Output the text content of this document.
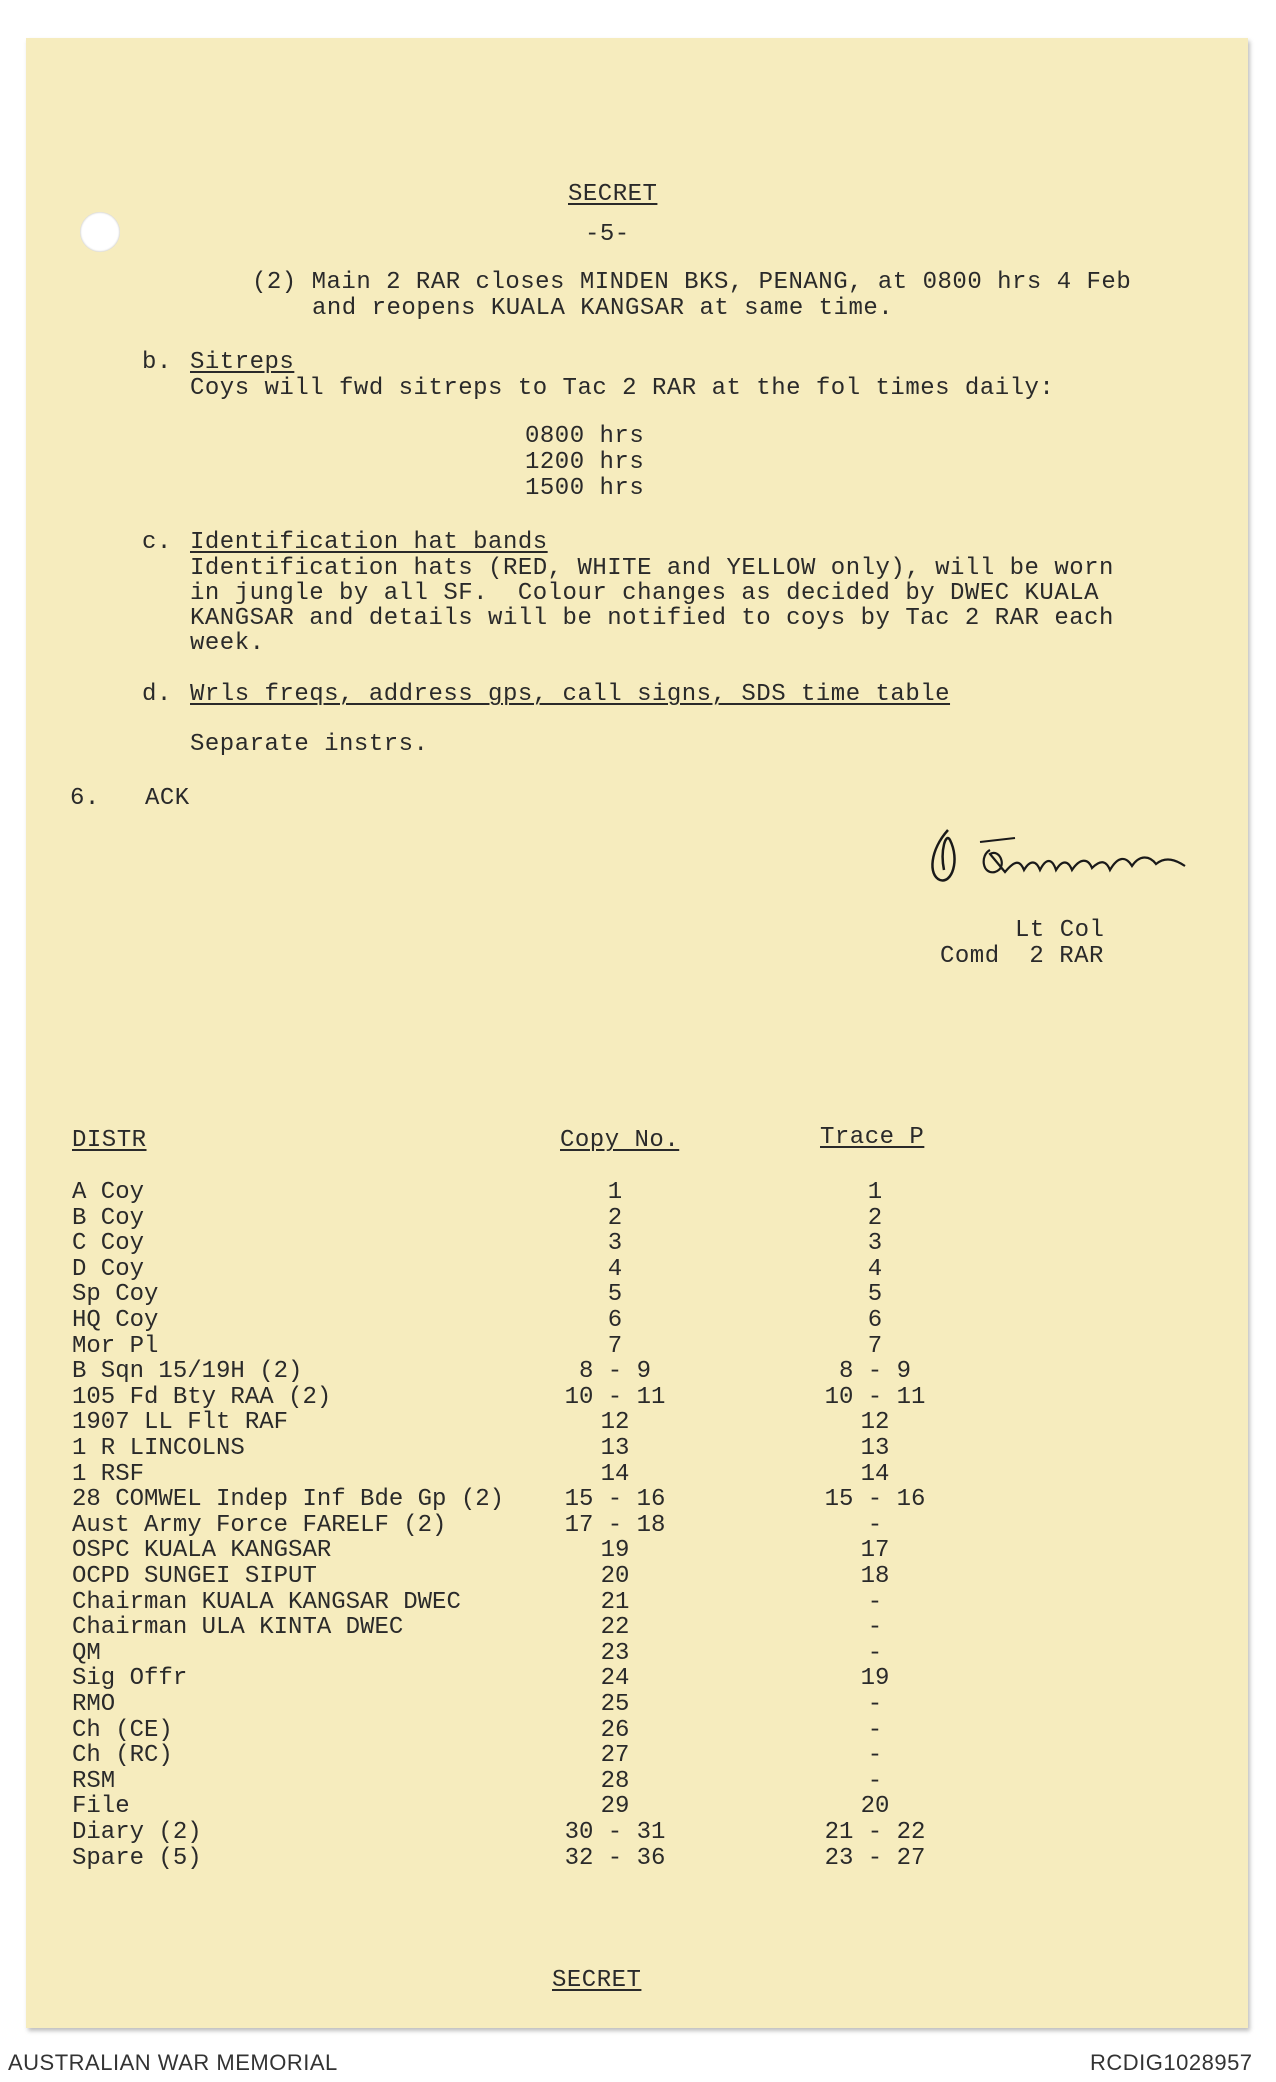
SECRET
-5-
(2) Main 2 RAR closes MINDEN BKS, PENANG, at 0800 hrs 4 Feb
and reopens KUALA KANGSAR at same time.
b. Sitreps
Coys will fwd sitreps to Tac 2 RAR at the fol times daily:
0800 hrs
1200 hrs
1500 hrs
c. Identification hat bands
Identification hats (RED, WHITE and YELLOW only), will be worn
in jungle by all SF.  Colour changes as decided by DWEC KUALA
KANGSAR and details will be notified to coys by Tac 2 RAR each
week.
d. Wrls freqs, address gps, call signs, SDS time table
Separate instrs.
6. ACK
Lt Col
Comd  2 RAR
DISTR	Copy No.	Trace P
A Coy	1	1
B Coy	2	2
C Coy	3	3
D Coy	4	4
Sp Coy	5	5
HQ Coy	6	6
Mor Pl	7	7
B Sqn 15/19H (2)	8 - 9	8 - 9
105 Fd Bty RAA (2)	10 - 11	10 - 11
1907 LL Flt RAF	12	12
1 R LINCOLNS	13	13
1 RSF	14	14
28 COMWEL Indep Inf Bde Gp (2)	15 - 16	15 - 16
Aust Army Force FARELF (2)	17 - 18	-
OSPC KUALA KANGSAR	19	17
OCPD SUNGEI SIPUT	20	18
Chairman KUALA KANGSAR DWEC	21	-
Chairman ULA KINTA DWEC	22	-
QM	23	-
Sig Offr	24	19
RMO	25	-
Ch (CE)	26	-
Ch (RC)	27	-
RSM	28	-
File	29	20
Diary (2)	30 - 31	21 - 22
Spare (5)	32 - 36	23 - 27
SECRET
AUSTRALIAN WAR MEMORIAL	RCDIG1028957
